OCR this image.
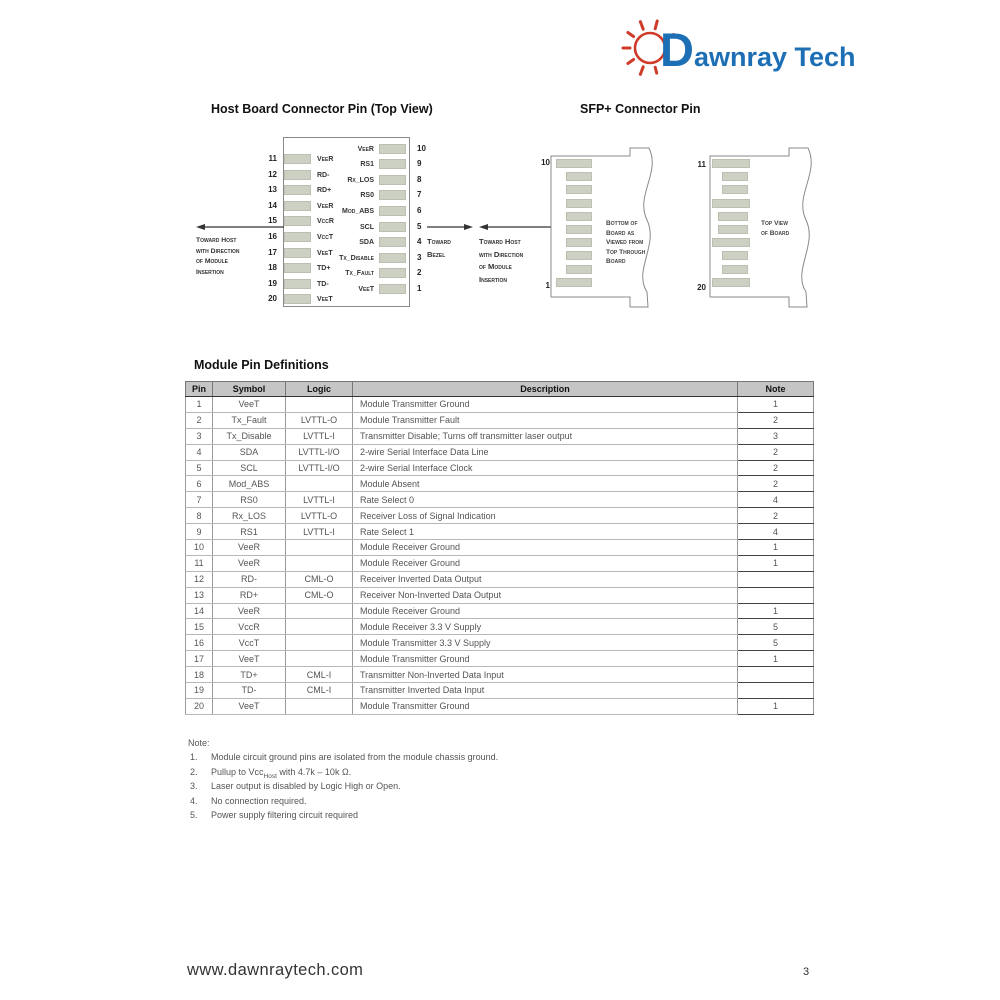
Dawnray Tech
Host Board Connector Pin (Top View)	SFP+ Connector Pin
Toward Host
with Direction
of Module
Insertion
Toward
Bezel
Toward Host
with Direction
of Module
Insertion
10
1
11
20
Bottom of
Board as
Viewed from
Top Through
Board
Top View
of Board
Module Pin Definitions
Pin	Symbol	Logic	Description	Note
1	VeeT		Module Transmitter Ground	1
2	Tx_Fault	LVTTL-O	Module Transmitter Fault	2
3	Tx_Disable	LVTTL-I	Transmitter Disable; Turns off transmitter laser output	3
4	SDA	LVTTL-I/O	2-wire Serial Interface Data Line	2
5	SCL	LVTTL-I/O	2-wire Serial Interface Clock	2
6	Mod_ABS		Module Absent	2
7	RS0	LVTTL-I	Rate Select 0	4
8	Rx_LOS	LVTTL-O	Receiver Loss of Signal Indication	2
9	RS1	LVTTL-I	Rate Select 1	4
10	VeeR		Module Receiver Ground	1
11	VeeR		Module Receiver Ground	1
12	RD-	CML-O	Receiver Inverted Data Output	
13	RD+	CML-O	Receiver Non-Inverted Data Output	
14	VeeR		Module Receiver Ground	1
15	VccR		Module Receiver 3.3 V Supply	5
16	VccT		Module Transmitter 3.3 V Supply	5
17	VeeT		Module Transmitter Ground	1
18	TD+	CML-I	Transmitter Non-Inverted Data Input	
19	TD-	CML-I	Transmitter Inverted Data Input	
20	VeeT		Module Transmitter Ground	1
Note:
1. Module circuit ground pins are isolated from the module chassis ground.
2. Pullup to Vcc$_{Host}$ with 4.7k – 10k Ω.
3. Laser output is disabled by Logic High or Open.
4. No connection required.
5. Power supply filtering circuit required
www.dawnraytech.com	3
11	VeeR
12	RD-
13	RD+
14	VeeR
15	VccR
16	VccT
17	VeeT
18	TD+
19	TD-
20	VeeT
10
VeeR
9
RS1
8
Rx_LOS
7
RS0
6
Mod_ABS
5
SCL
4
SDA
3
Tx_Disable
2
Tx_Fault
1
VeeT
